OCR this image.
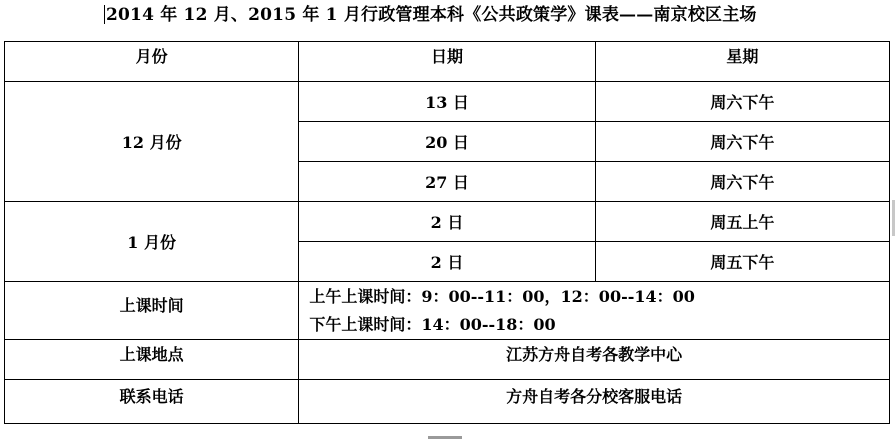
2014 年 12 月、2015 年 1 月行政管理本科《公共政策学》课表——南京校区主场
月份	日期	星期
12 月份	13 日	周六下午
	20 日	周六下午
	27 日	周六下午
1 月份	2 日	周五上午
	2 日	周五下午
上课时间	上午上课时间：9：00--11：00，12：00--14：00
下午上课时间：14：00--18：00	

上课地点	江苏方舟自考各教学中心	
联系电话	方舟自考各分校客服电话	
